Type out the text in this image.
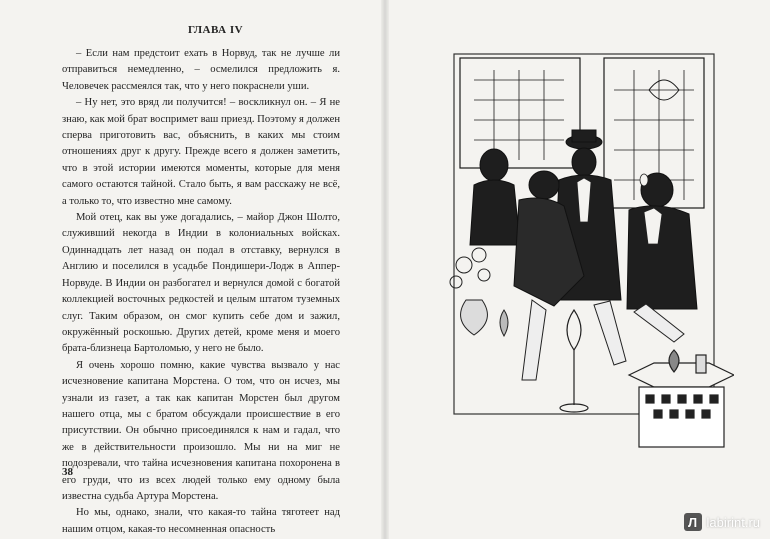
ГЛАВА IV

– Если нам предстоит ехать в Норвуд, так не лучше ли отправиться немедленно, – осмелился предложить я. Человечек рассмеялся так, что у него покраснели уши.

– Ну нет, это вряд ли получится! – воскликнул он. – Я не знаю, как мой брат воспримет ваш приезд. Поэтому я должен сперва приготовить вас, объяснить, в каких мы стоим отношениях друг к другу. Прежде всего я должен заметить, что в этой истории имеются моменты, которые для меня самого остаются тайной. Стало быть, я вам расскажу не всё, а только то, что известно мне самому.

Мой отец, как вы уже догадались, – майор Джон Шолто, служивший некогда в Индии в колониальных войсках. Одиннадцать лет назад он подал в отставку, вернулся в Англию и поселился в усадьбе Пондишери-Лодж в Аппер-Норвуде. В Индии он разбогател и вернулся домой с богатой коллекцией восточных редкостей и целым штатом туземных слуг. Таким образом, он смог купить себе дом и зажил, окружённый роскошью. Других детей, кроме меня и моего брата-близнеца Бартоломью, у него не было.

Я очень хорошо помню, какие чувства вызвало у нас исчезновение капитана Морстена. О том, что он исчез, мы узнали из газет, а так как капитан Морстен был другом нашего отца, мы с братом обсуждали происшествие в его присутствии. Он обычно присоединялся к нам и гадал, что же в действительности произошло. Мы ни на миг не подозревали, что тайна исчезновения капитана похоронена в его груди, что из всех людей только ему одному была известна судьба Артура Морстена.

Но мы, однако, знали, что какая-то тайна тяготеет над нашим отцом, какая-то несомненная опасность

38
Л labirint.ru
